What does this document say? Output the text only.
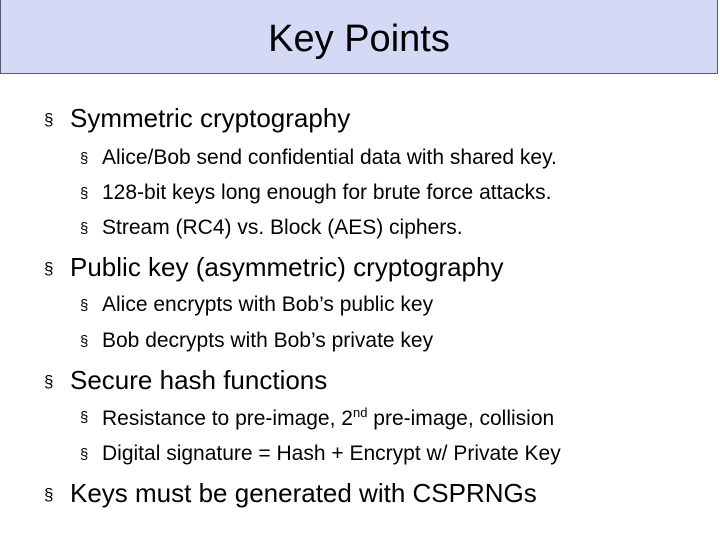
Key Points
§ Symmetric cryptography
§ Alice/Bob send confidential data with shared key.
§ 128-bit keys long enough for brute force attacks.
§ Stream (RC4) vs. Block (AES) ciphers.
§ Public key (asymmetric) cryptography
§ Alice encrypts with Bob’s public key
§ Bob decrypts with Bob’s private key
§ Secure hash functions
§ Resistance to pre-image, 2nd pre-image, collision
§ Digital signature = Hash + Encrypt w/ Private Key
§ Keys must be generated with CSPRNGs
